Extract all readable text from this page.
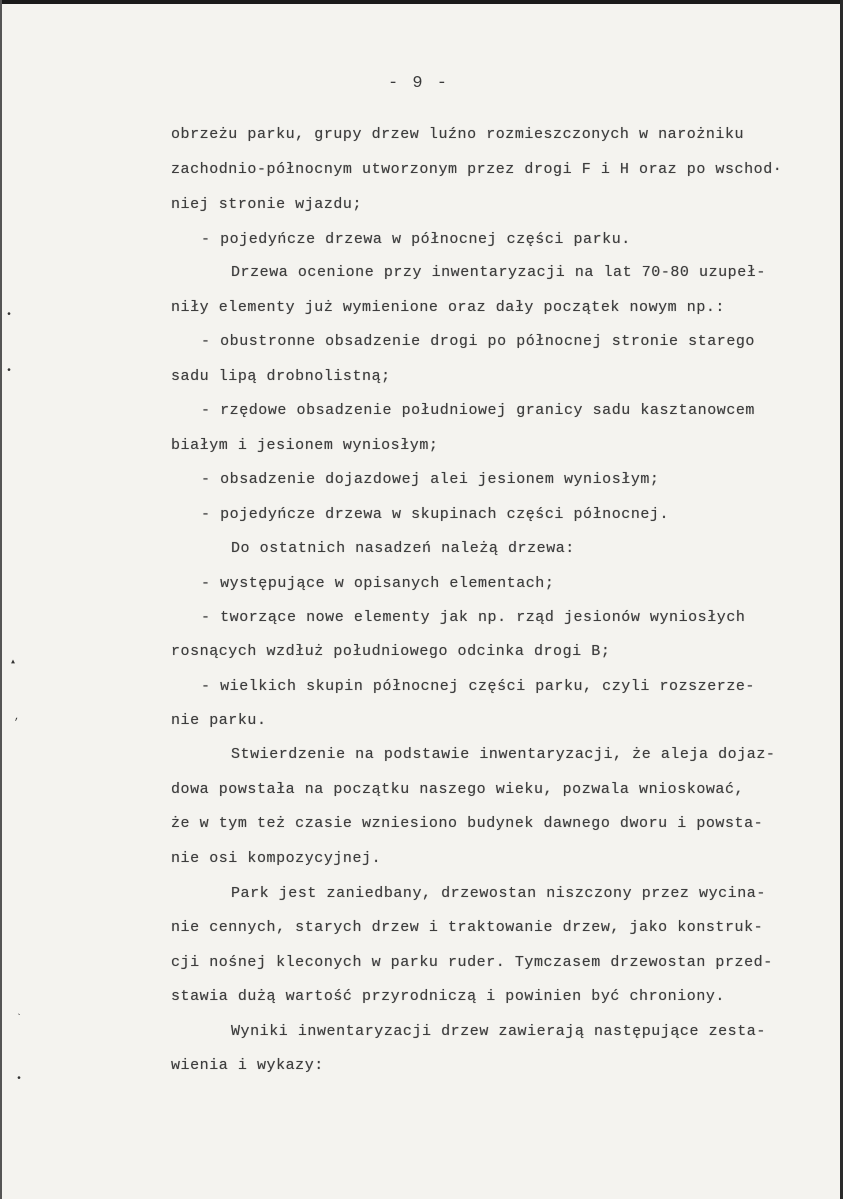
•
•
▴
,
`
•
- 9 -
obrzeżu parku, grupy drzew luźno rozmieszczonych w narożniku
zachodnio-północnym utworzonym przez drogi F i H oraz po wschod·
niej stronie wjazdu;
- pojedyńcze drzewa w północnej części parku.
Drzewa ocenione przy inwentaryzacji na lat 70-80 uzupeł-
niły elementy już wymienione oraz dały początek nowym np.:
- obustronne obsadzenie drogi po północnej stronie starego
sadu lipą drobnolistną;
- rzędowe obsadzenie południowej granicy sadu kasztanowcem
białym i jesionem wyniosłym;
- obsadzenie dojazdowej alei jesionem wyniosłym;
- pojedyńcze drzewa w skupinach części północnej.
Do ostatnich nasadzeń należą drzewa:
- występujące w opisanych elementach;
- tworzące nowe elementy jak np. rząd jesionów wyniosłych
rosnących wzdłuż południowego odcinka drogi B;
- wielkich skupin północnej części parku, czyli rozszerze-
nie parku.
Stwierdzenie na podstawie inwentaryzacji, że aleja dojaz-
dowa powstała na początku naszego wieku, pozwala wnioskować,
że w tym też czasie wzniesiono budynek dawnego dworu i powsta-
nie osi kompozycyjnej.
Park jest zaniedbany, drzewostan niszczony przez wycina-
nie cennych, starych drzew i traktowanie drzew, jako konstruk-
cji nośnej kleconych w parku ruder. Tymczasem drzewostan przed-
stawia dużą wartość przyrodniczą i powinien być chroniony.
Wyniki inwentaryzacji drzew zawierają następujące zesta-
wienia i wykazy:
